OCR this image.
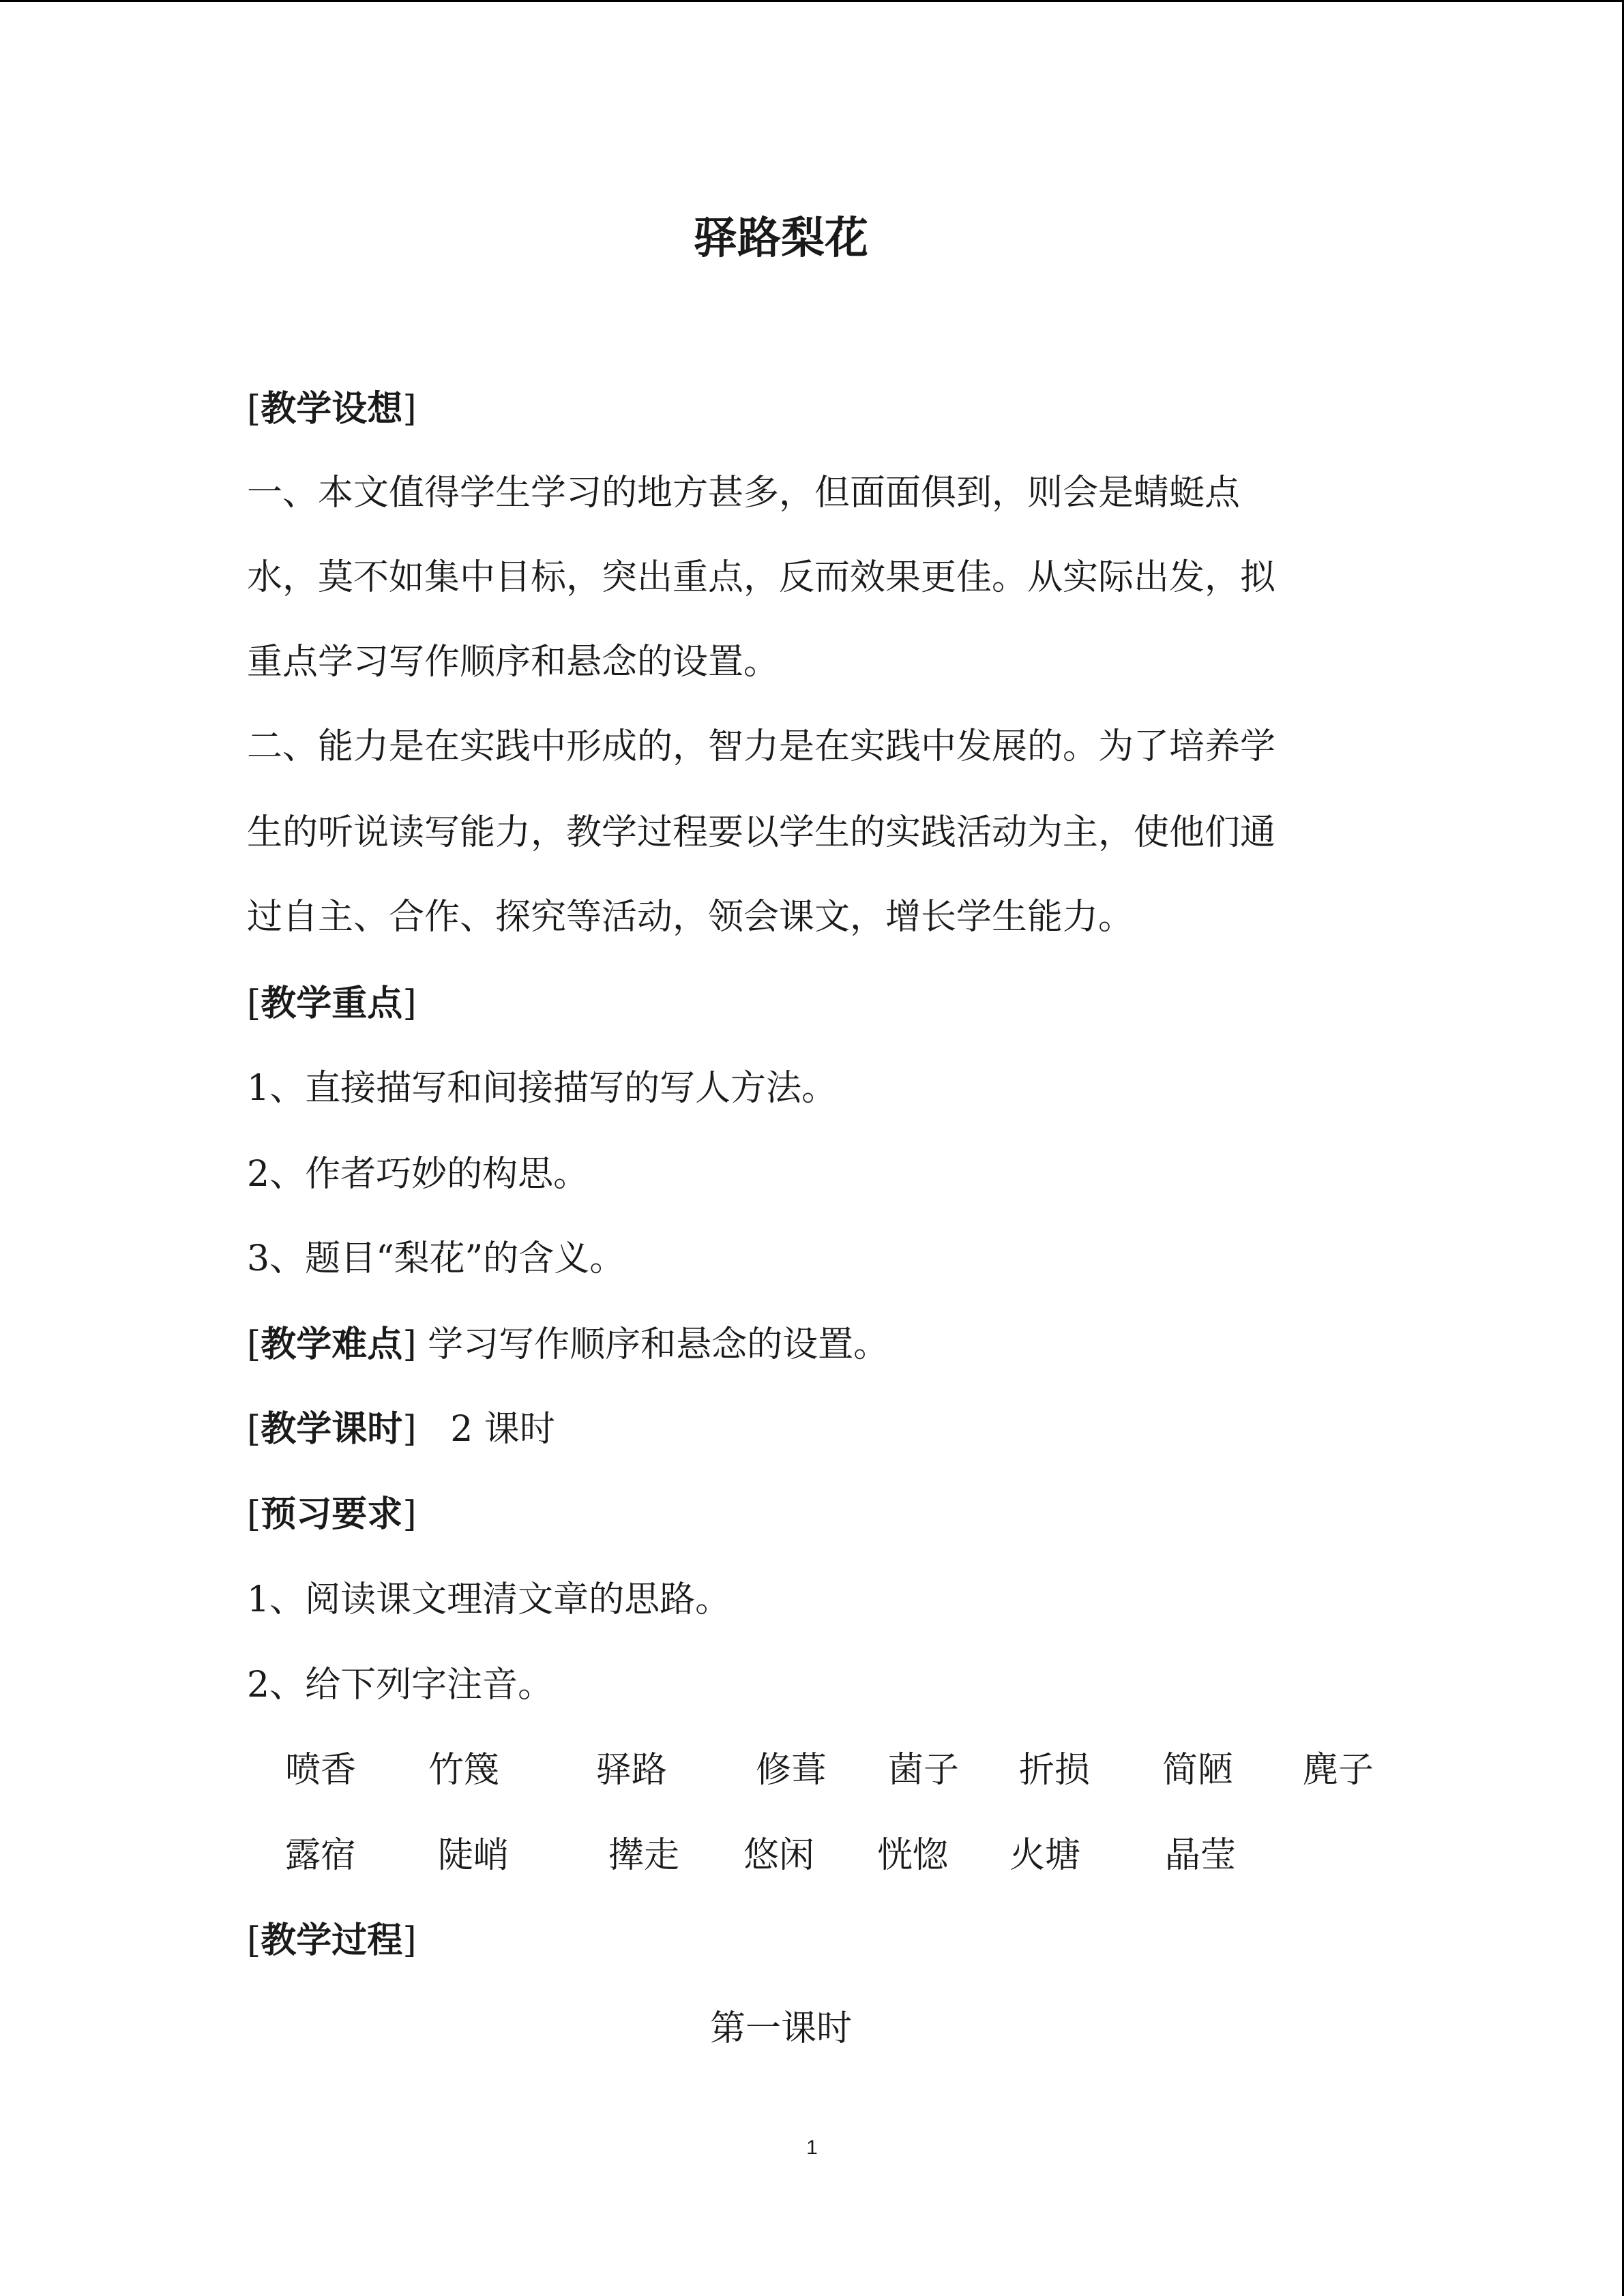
驿路梨花
[教学设想]
一、本文值得学生学习的地方甚多，但面面俱到，则会是蜻蜓点
水，莫不如集中目标，突出重点，反而效果更佳。从实际出发，拟
重点学习写作顺序和悬念的设置。
二、能力是在实践中形成的，智力是在实践中发展的。为了培养学
生的听说读写能力，教学过程要以学生的实践活动为主，使他们通
过自主、合作、探究等活动，领会课文，增长学生能力。
[教学重点]
1、直接描写和间接描写的写人方法。
2、作者巧妙的构思。
3、题目“梨花”的含义。
[教学难点] 学习写作顺序和悬念的设置。
[教学课时] 2 课时
[预习要求]
1、阅读课文理清文章的思路。
2、给下列字注音。
喷香 竹篾	驿路 修葺 菌子 折损 简陋 麂子
露宿 陡峭	撵走 悠闲 恍惚 火塘 晶莹
[教学过程]
第一课时
1
